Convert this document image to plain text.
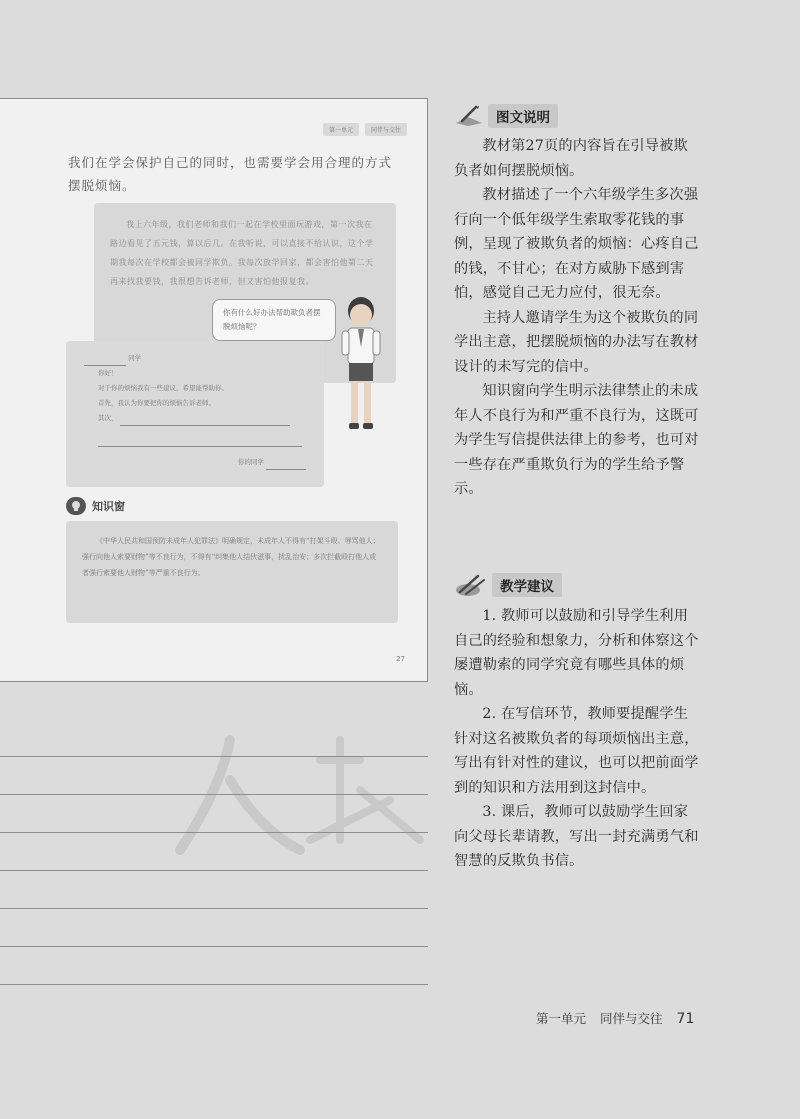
第一单元	同伴与交往

我们在学会保护自己的同时，也需要学会用合理的方式摆脱烦恼。

我上六年级，我们老师和我们一起在学校里面玩游戏，第一次我在路边看见了五元钱，算以后几。在我听说，可以直接不给认识，这个学期我每次在学校都会被同学欺负。我每次放学回家，都会害怕他第二天再来找我要钱，我很想告诉老师，但又害怕他报复我。

你有什么好办法帮助欺负者摆脱烦恼呢？

同学
你好！
对于你的烦恼我有一些建议，希望能帮助你。
首先，我认为你要把你的烦恼告诉老师。
其次，
你的同学
知识窗

《中华人民共和国预防未成年人犯罪法》明确规定，未成年人不得有“打架斗殴、辱骂他人；强行向他人索要财物”等不良行为，不得有“纠集他人结伙滋事，扰乱治安；多次拦截殴打他人或者强行索要他人财物”等严重不良行为。

27
图文说明

教材第27页的内容旨在引导被欺负者如何摆脱烦恼。

教材描述了一个六年级学生多次强行向一个低年级学生索取零花钱的事例，呈现了被欺负者的烦恼：心疼自己的钱，不甘心；在对方威胁下感到害怕，感觉自己无力应付，很无奈。

主持人邀请学生为这个被欺负的同学出主意，把摆脱烦恼的办法写在教材设计的未写完的信中。

知识窗向学生明示法律禁止的未成年人不良行为和严重不良行为，这既可为学生写信提供法律上的参考，也可对一些存在严重欺负行为的学生给予警示。

教学建议

1. 教师可以鼓励和引导学生利用自己的经验和想象力，分析和体察这个屡遭勒索的同学究竟有哪些具体的烦恼。

2. 在写信环节，教师要提醒学生针对这名被欺负者的每项烦恼出主意，写出有针对性的建议，也可以把前面学到的知识和方法用到这封信中。

3. 课后，教师可以鼓励学生回家向父母长辈请教，写出一封充满勇气和智慧的反欺负书信。

第一单元 同伴与交往 71
